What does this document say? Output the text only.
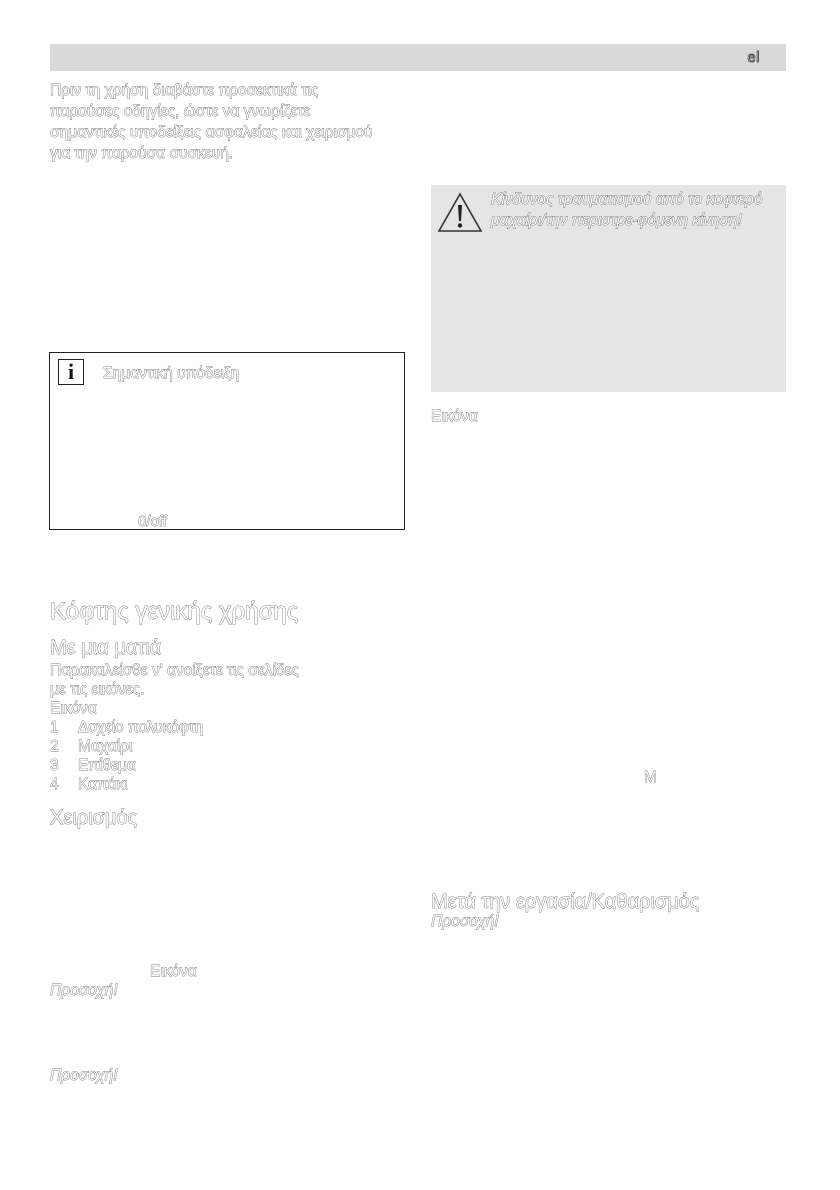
el
Πριν τη χρήση διαβάστε προσεκτικά τις παρούσες οδηγίες, ώστε να γνωρίζετε σημαντικές υποδείξεις ασφαλείας και χειρισμού για την παρούσα συσκευή.
Κίνδυνος τραυματισμού από το κοφτερό μαχαίρι/την περιστρε-φόμενη κίνηση!
Εικόνα
i	Σημαντική υπόδειξη
0/off
Κόφτης γενικής χρήσης
Με μια ματιά
Παρακαλείσθε ν' ανοίξετε τις σελίδες
με τις εικόνες.
Εικόνα
1	Δοχείο πολυκόφτη
2	Μαχαίρι
3	Επίθεμα
4	Καπάκι
Χειρισμός
Εικόνα
Προσοχή!
Προσοχή!
M
Μετά την εργασία/Καθαρισμός
Προσοχή!
